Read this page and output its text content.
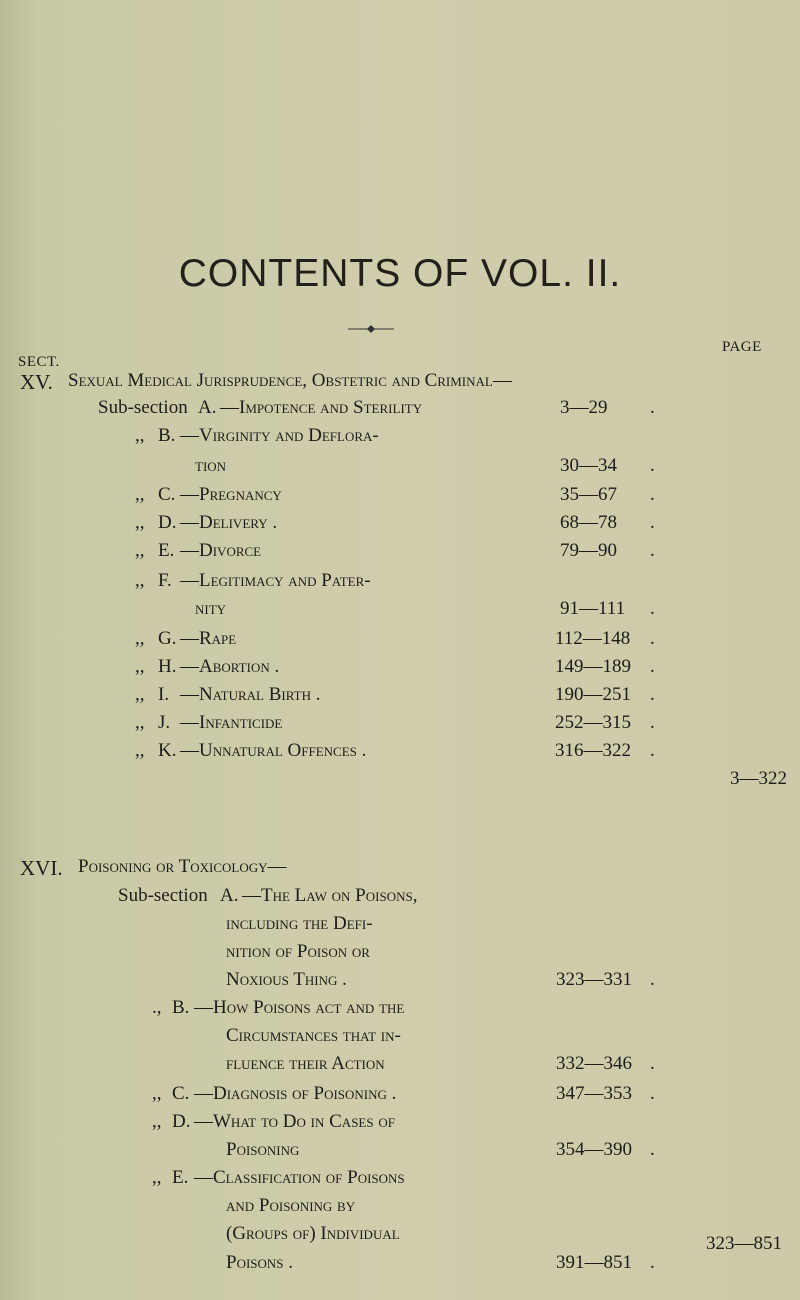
CONTENTS OF VOL. II.
SECT.
PAGE
XV. Sexual Medical Jurisprudence, Obstetric and Criminal—
Sub-section A. —Impotence and Sterility	3—29 .
,, B. —Virginity and Deflora-
tion	30—34 .
,, C. —Pregnancy	35—67 .
,, D. —Delivery .	68—78 .
,, E. —Divorce	79—90 .
,, F. —Legitimacy and Pater-
nity	91—111 .
,, G. —Rape	112—148 .
,, H. —Abortion .	149—189 .
,, I. —Natural Birth .	190—251 .
,, J. —Infanticide	252—315 .
,, K. —Unnatural Offences .	316—322 .
3—322
XVI. Poisoning or Toxicology—
Sub-section A. —The Law on Poisons,
including the Defi-
nition of Poison or
Noxious Thing .	323—331 .
., B. —How Poisons act and the
Circumstances that in-
fluence their Action	332—346 .
,, C. —Diagnosis of Poisoning .	347—353 .
,, D. —What to Do in Cases of
Poisoning	354—390 .
,, E. —Classification of Poisons
and Poisoning by
(Groups of) Individual
Poisons .	391—851 .
323—851
